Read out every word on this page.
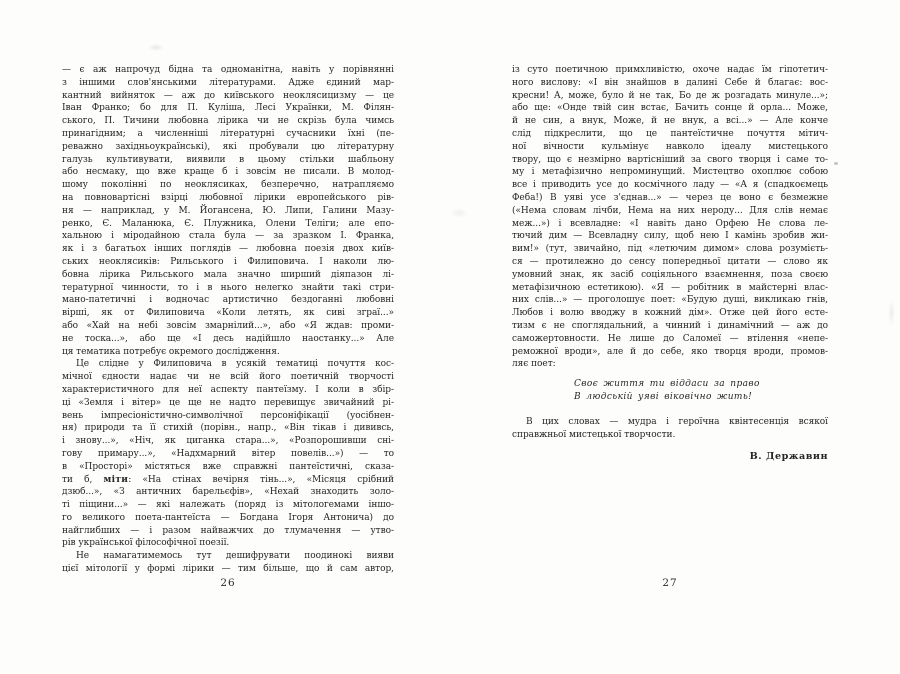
— є аж напрочуд бідна та одноманітна, навіть у порівнянні
з іншими слов'янськими літературами. Адже єдиний мар-
кантний вийняток — аж до київського неоклясицизму — це
Іван Франко; бо для П. Куліша, Лесі Українки, М. Філян-
ського, П. Тичини любовна лірика чи не скрізь була чимсь
принагідним; а численніші літературні сучасники їхні (пе-
реважно західньоукраїнські), які пробували цю літературну
галузь культивувати, виявили в цьому стільки шабльону
або несмаку, що вже краще б і зовсім не писали. В молод-
шому поколінні по неоклясиках, безперечно, натрапляємо
на повновартісні взірці любовної лірики европейського рів-
ня — наприклад, у М. Йогансена, Ю. Липи, Галини Мазу-
ренко, Є. Маланюка, Є. Плужника, Олени Теліги; але епо-
хальною і міродайною стала була — за зразком І. Франка,
як і з багатьох інших поглядів — любовна поезія двох київ-
ських неоклясиків: Рильського і Филиповича. І наколи лю-
бовна лірика Рильського мала значно ширший діяпазон лі-
тературної чинности, то і в нього нелегко знайти такі стри-
мано-патетичні і водночас артистично бездоганні любовні
вірші, як от Филиповича «Коли летять, як сиві зграї...»
або «Хай на небі зовсім змарнілий...», або «Я ждав: проми-
не тоска...», або ще «І десь надійшло наостанку...» Але
ця тематика потребує окремого дослідження.
Це слідне у Филиповича в усякій тематиці почуття кос-
мічної єдности надає чи не всій його поетичній творчості
характеристичного для неї аспекту пантеїзму. І коли в збір-
ці «Земля і вітер» це ще не надто перевищує звичайний рі-
вень імпресіоністично-символічної персоніфікації (уосібнен-
ня) природи та її стихій (порівн., напр., «Він тікав і дививсь,
і знову...», «Ніч, як циганка стара...», «Розпорошивши сні-
гову примару...», «Надхмарний вітер повелів...») — то
в «Просторі» містяться вже справжні пантеїстичні, сказа-
ти б, міти: «На стінах вечірня тінь...», «Місяця срібний
дзюб...», «З античних барельєфів», «Нехай знаходить золо-
ті піщини...» — які належать (поряд із мітологемами іншо-
го великого поета-пантеїста — Богдана Ігоря Антонича) до
найглибших — і разом найважчих до тлумачення — утво-
рів української філософічної поезії.
Не намагатимемось тут дешифрувати поодинокі вияви
цієї мітології у формі лірики — тим більше, що й сам автор,
26
із суто поетичною примхливістю, охоче надає їм гіпотетич-
ного вислову: «І він знайшов в далині Себе й благає: вос-
кресни! А, може, було й не так, Бо де ж розгадать минуле...»;
або ще: «Онде твій син встає, Бачить сонце й орла... Може,
й не син, а внук, Може, й не внук, а всі...» — Але конче
слід підкреслити, що це пантеїстичне почуття мітич-
ної вічности кульмінує навколо ідеалу мистецького
твору, що є незмірно вартісніший за свого творця і саме то-
му і метафізично непроминущий. Мистецтво охоплює собою
все і приводить усе до космічного ладу — «А я (спадкоємець
Феба!) В уяві усе з'єднав...» — через це воно є безмежне
(«Нема словам лічби, Нема на них нероду... Для слів немає
меж...») і всевладне: «І навіть дано Орфею Не слова ле-
тючий дим — Всевладну силу, щоб нею І камінь зробив жи-
вим!» (тут, звичайно, під «летючим димом» слова розумієть-
ся — протилежно до сенсу попередньої цитати — слово як
умовний знак, як засіб соціяльного взаємнення, поза своєю
метафізичною естетикою). «Я — робітник в майстерні влас-
них слів...» — проголошує поет: «Будую душі, викликаю гнів,
Любов і волю вводжу в кожний дім». Отже цей його есте-
тизм є не споглядальний, а чинний і динамічний — аж до
саможертовности. Не лише до Саломеї — втілення «непе-
реможної вроди», але й до себе, яко творця вроди, промов-
ляє поет:
Своє життя ти віддаси за право
В людській уяві віковічно жить!
В цих словах — мудра і героїчна квінтесенція всякої
справжньої мистецької творчости.
В. Державин
27
